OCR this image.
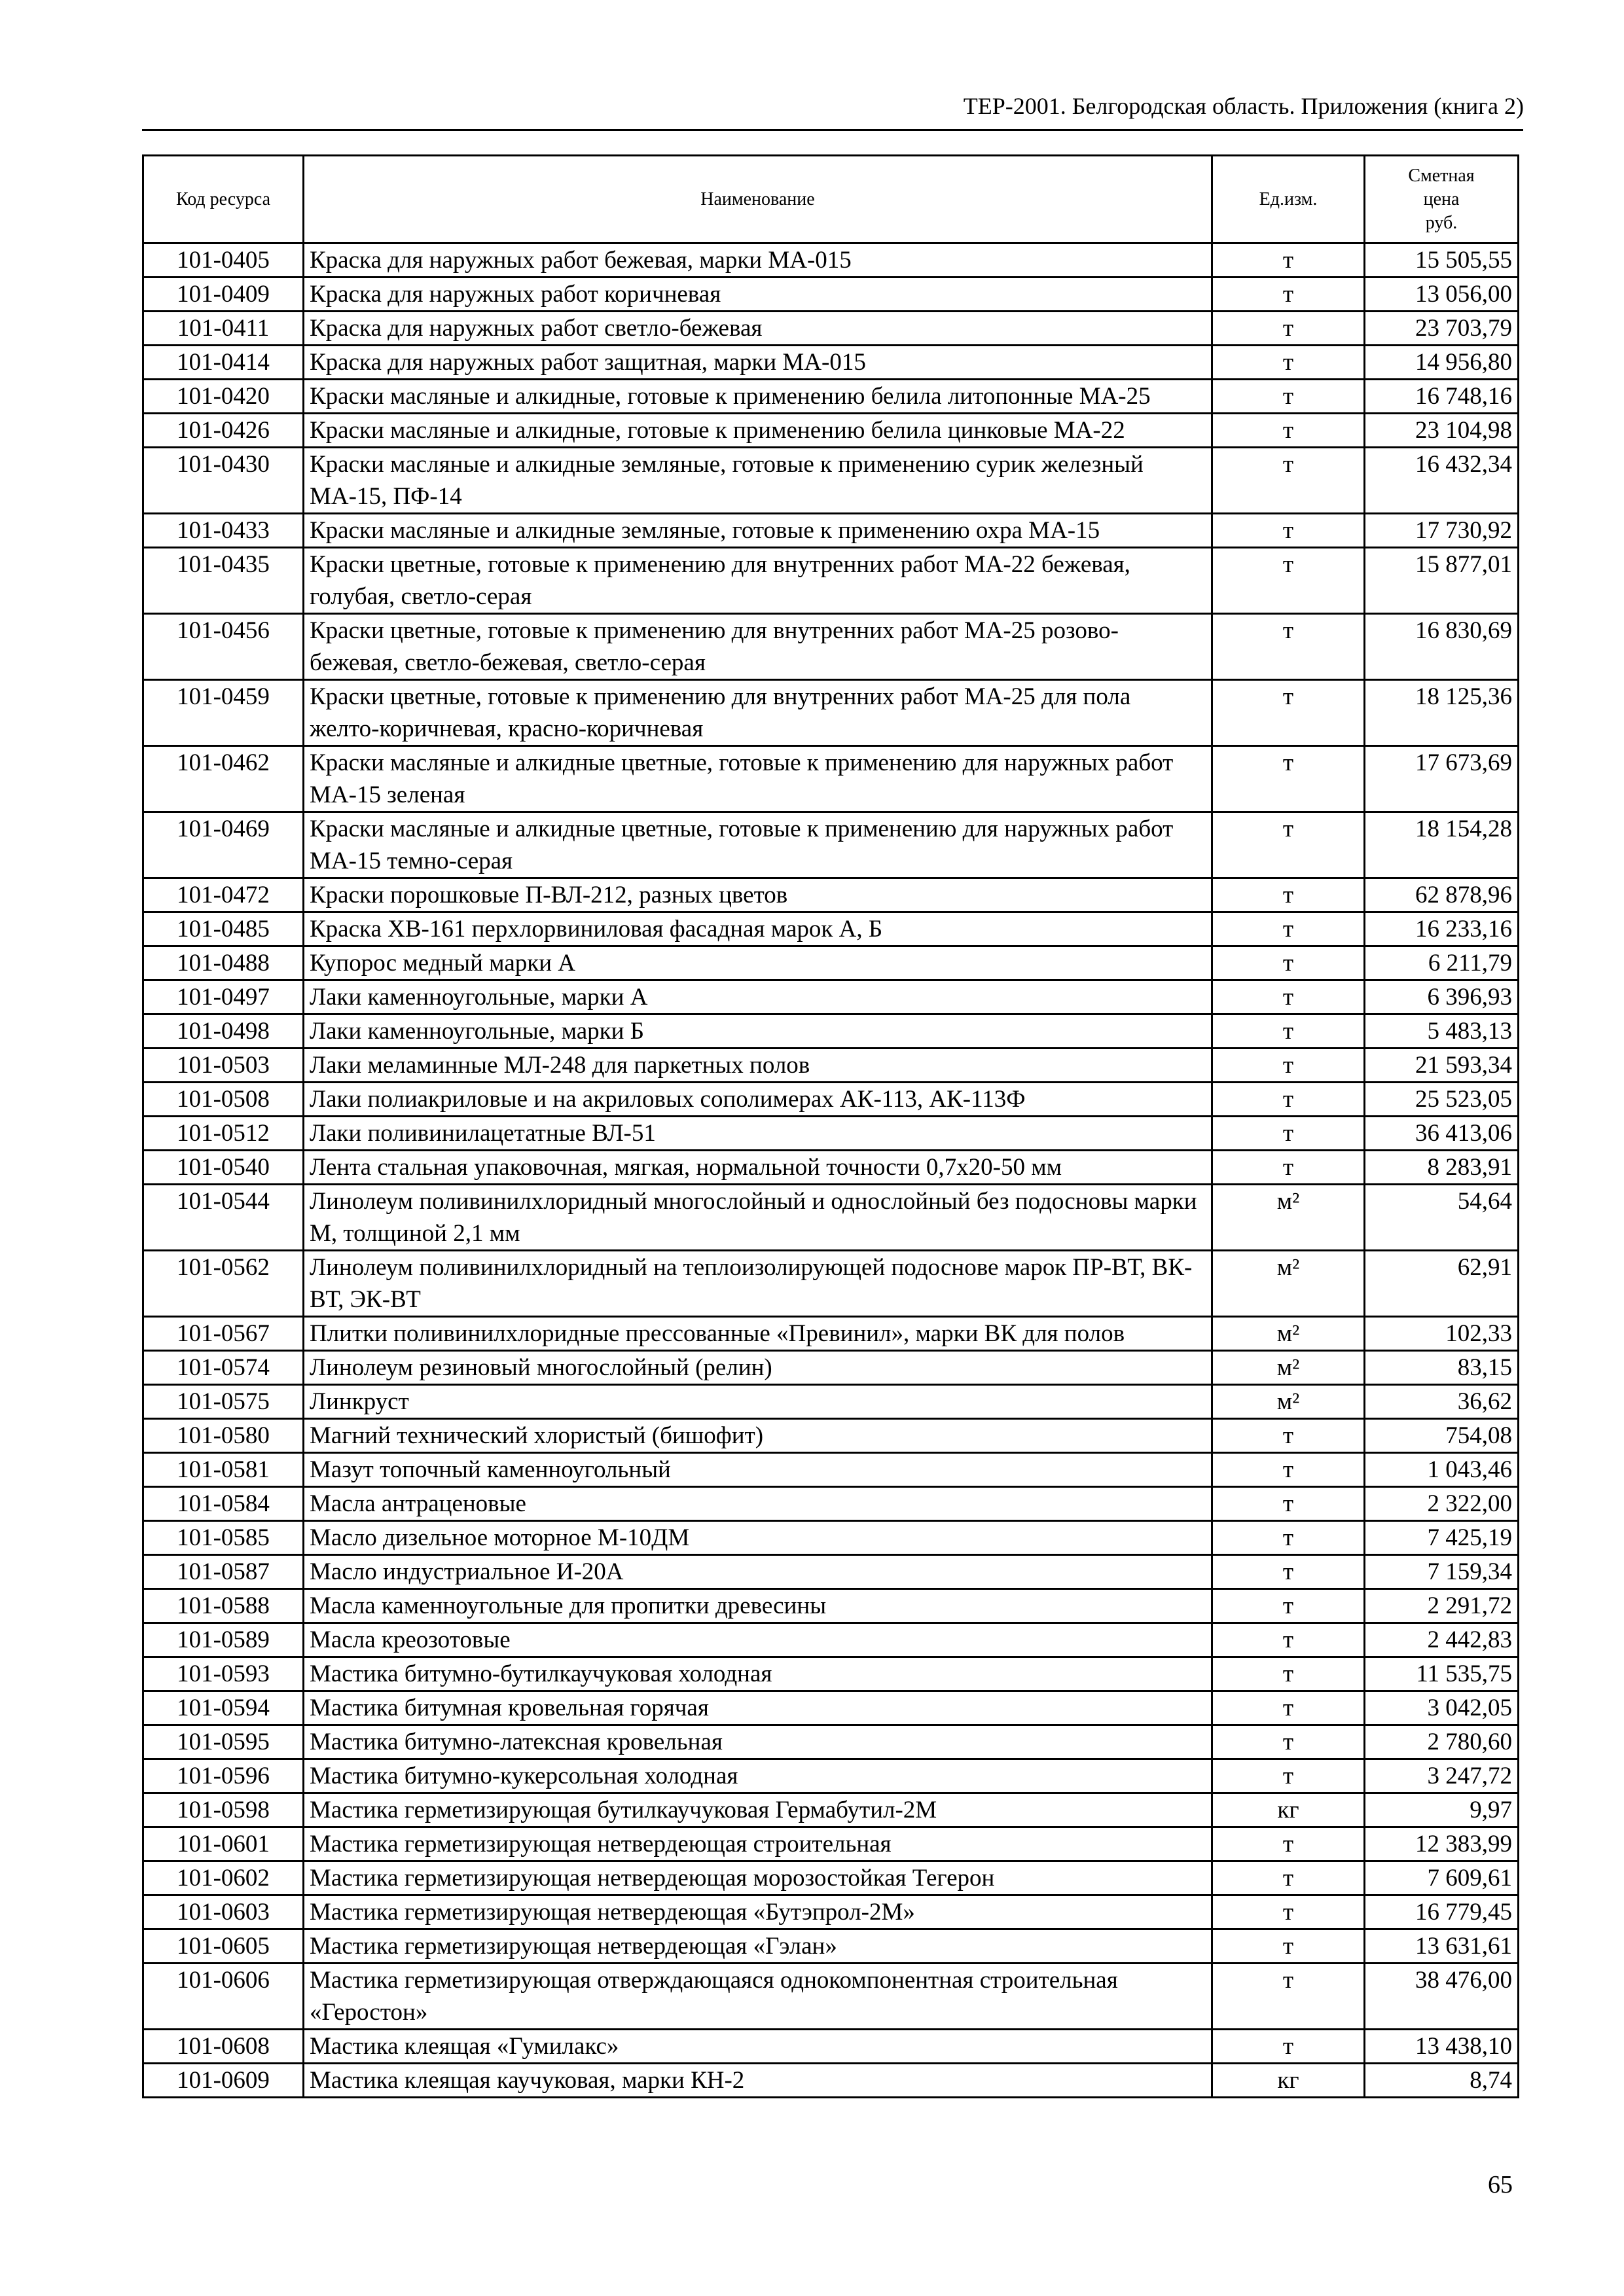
ТЕР-2001. Белгородская область. Приложения (книга 2)
Код ресурса	Наименование	Ед.изм.	Сметная
цена
руб.
101-0405	Краска для наружных работ бежевая, марки МА-015	т	15 505,55
101-0409	Краска для наружных работ коричневая	т	13 056,00
101-0411	Краска для наружных работ светло-бежевая	т	23 703,79
101-0414	Краска для наружных работ защитная, марки МА-015	т	14 956,80
101-0420	Краски масляные и алкидные, готовые к применению белила литопонные МА-25	т	16 748,16
101-0426	Краски масляные и алкидные, готовые к применению белила цинковые МА-22	т	23 104,98
101-0430	Краски масляные и алкидные земляные, готовые к применению сурик железный МА-15, ПФ-14	т	16 432,34
101-0433	Краски масляные и алкидные земляные, готовые к применению охра МА-15	т	17 730,92
101-0435	Краски цветные, готовые к применению для внутренних работ МА-22 бежевая, голубая, светло-серая	т	15 877,01
101-0456	Краски цветные, готовые к применению для внутренних работ МА-25 розово-бежевая, светло-бежевая, светло-серая	т	16 830,69
101-0459	Краски цветные, готовые к применению для внутренних работ МА-25 для пола желто-коричневая, красно-коричневая	т	18 125,36
101-0462	Краски масляные и алкидные цветные, готовые к применению для наружных работ МА-15 зеленая	т	17 673,69
101-0469	Краски масляные и алкидные цветные, готовые к применению для наружных работ МА-15 темно-серая	т	18 154,28
101-0472	Краски порошковые П-ВЛ-212, разных цветов	т	62 878,96
101-0485	Краска ХВ-161 перхлорвиниловая фасадная марок А, Б	т	16 233,16
101-0488	Купорос медный марки А	т	6 211,79
101-0497	Лаки каменноугольные, марки А	т	6 396,93
101-0498	Лаки каменноугольные, марки Б	т	5 483,13
101-0503	Лаки меламинные МЛ-248 для паркетных полов	т	21 593,34
101-0508	Лаки полиакриловые и на акриловых сополимерах АК-113, АК-113Ф	т	25 523,05
101-0512	Лаки поливинилацетатные ВЛ-51	т	36 413,06
101-0540	Лента стальная упаковочная, мягкая, нормальной точности 0,7х20-50 мм	т	8 283,91
101-0544	Линолеум поливинилхлоридный многослойный и однослойный без подосновы марки М, толщиной 2,1 мм	м²	54,64
101-0562	Линолеум поливинилхлоридный на теплоизолирующей подоснове марок ПР-ВТ, ВК-ВТ, ЭК-ВТ	м²	62,91
101-0567	Плитки поливинилхлоридные прессованные «Превинил», марки ВК для полов	м²	102,33
101-0574	Линолеум резиновый многослойный (релин)	м²	83,15
101-0575	Линкруст	м²	36,62
101-0580	Магний технический хлористый (бишофит)	т	754,08
101-0581	Мазут топочный каменноугольный	т	1 043,46
101-0584	Масла антраценовые	т	2 322,00
101-0585	Масло дизельное моторное М-10ДМ	т	7 425,19
101-0587	Масло индустриальное И-20А	т	7 159,34
101-0588	Масла каменноугольные для пропитки древесины	т	2 291,72
101-0589	Масла креозотовые	т	2 442,83
101-0593	Мастика битумно-бутилкаучуковая холодная	т	11 535,75
101-0594	Мастика битумная кровельная горячая	т	3 042,05
101-0595	Мастика битумно-латексная кровельная	т	2 780,60
101-0596	Мастика битумно-кукерсольная холодная	т	3 247,72
101-0598	Мастика герметизирующая бутилкаучуковая Гермабутил-2М	кг	9,97
101-0601	Мастика герметизирующая нетвердеющая строительная	т	12 383,99
101-0602	Мастика герметизирующая нетвердеющая морозостойкая Тегерон	т	7 609,61
101-0603	Мастика герметизирующая нетвердеющая «Бутэпрол-2М»	т	16 779,45
101-0605	Мастика герметизирующая нетвердеющая «Гэлан»	т	13 631,61
101-0606	Мастика герметизирующая отверждающаяся однокомпонентная строительная «Геростон»	т	38 476,00
101-0608	Мастика клеящая «Гумилакс»	т	13 438,10
101-0609	Мастика клеящая каучуковая, марки КН-2	кг	8,74
65
